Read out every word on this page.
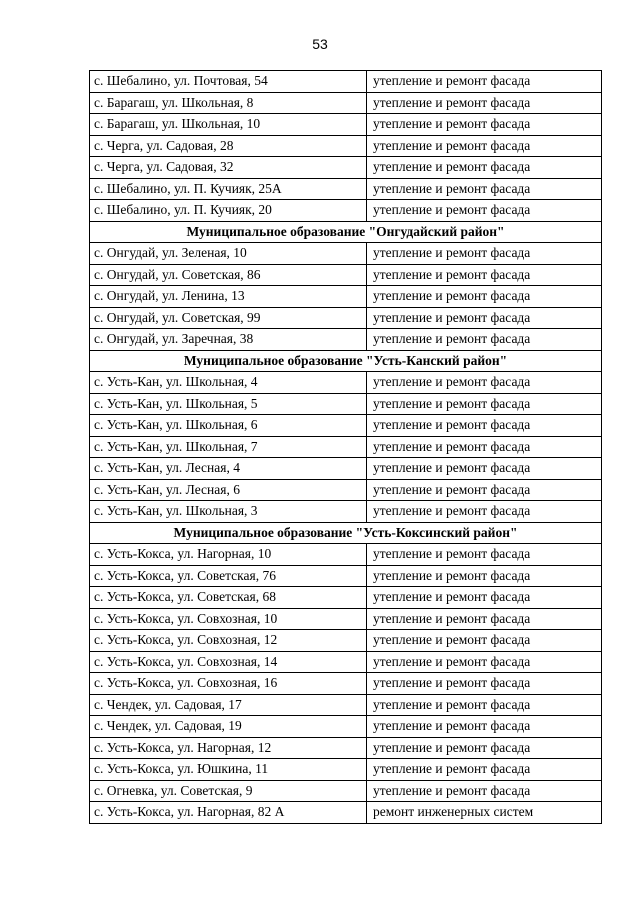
53
с. Шебалино, ул. Почтовая, 54	утепление и ремонт фасада
с. Барагаш, ул. Школьная, 8	утепление и ремонт фасада
с. Барагаш, ул. Школьная, 10	утепление и ремонт фасада
с. Черга, ул. Садовая, 28	утепление и ремонт фасада
с. Черга, ул. Садовая, 32	утепление и ремонт фасада
с. Шебалино, ул. П. Кучияк, 25А	утепление и ремонт фасада
с. Шебалино, ул. П. Кучияк, 20	утепление и ремонт фасада
Муниципальное образование "Онгудайский район"	
с. Онгудай, ул. Зеленая, 10	утепление и ремонт фасада
с. Онгудай, ул. Советская, 86	утепление и ремонт фасада
с. Онгудай, ул. Ленина, 13	утепление и ремонт фасада
с. Онгудай, ул. Советская, 99	утепление и ремонт фасада
с. Онгудай, ул. Заречная, 38	утепление и ремонт фасада
Муниципальное образование "Усть-Канский район"	
с. Усть-Кан, ул. Школьная, 4	утепление и ремонт фасада
с. Усть-Кан, ул. Школьная, 5	утепление и ремонт фасада
с. Усть-Кан, ул. Школьная, 6	утепление и ремонт фасада
с. Усть-Кан, ул. Школьная, 7	утепление и ремонт фасада
с. Усть-Кан, ул. Лесная, 4	утепление и ремонт фасада
с. Усть-Кан, ул. Лесная, 6	утепление и ремонт фасада
с. Усть-Кан, ул. Школьная, 3	утепление и ремонт фасада
Муниципальное образование "Усть-Коксинский район"	
с. Усть-Кокса, ул. Нагорная, 10	утепление и ремонт фасада
с. Усть-Кокса, ул. Советская, 76	утепление и ремонт фасада
с. Усть-Кокса, ул. Советская, 68	утепление и ремонт фасада
с. Усть-Кокса, ул. Совхозная, 10	утепление и ремонт фасада
с. Усть-Кокса, ул. Совхозная, 12	утепление и ремонт фасада
с. Усть-Кокса, ул. Совхозная, 14	утепление и ремонт фасада
с. Усть-Кокса, ул. Совхозная, 16	утепление и ремонт фасада
с. Чендек, ул. Садовая, 17	утепление и ремонт фасада
с. Чендек, ул. Садовая, 19	утепление и ремонт фасада
с. Усть-Кокса, ул. Нагорная, 12	утепление и ремонт фасада
с. Усть-Кокса, ул. Юшкина, 11	утепление и ремонт фасада
с. Огневка, ул. Советская, 9	утепление и ремонт фасада
с. Усть-Кокса, ул. Нагорная, 82 А	ремонт инженерных систем
